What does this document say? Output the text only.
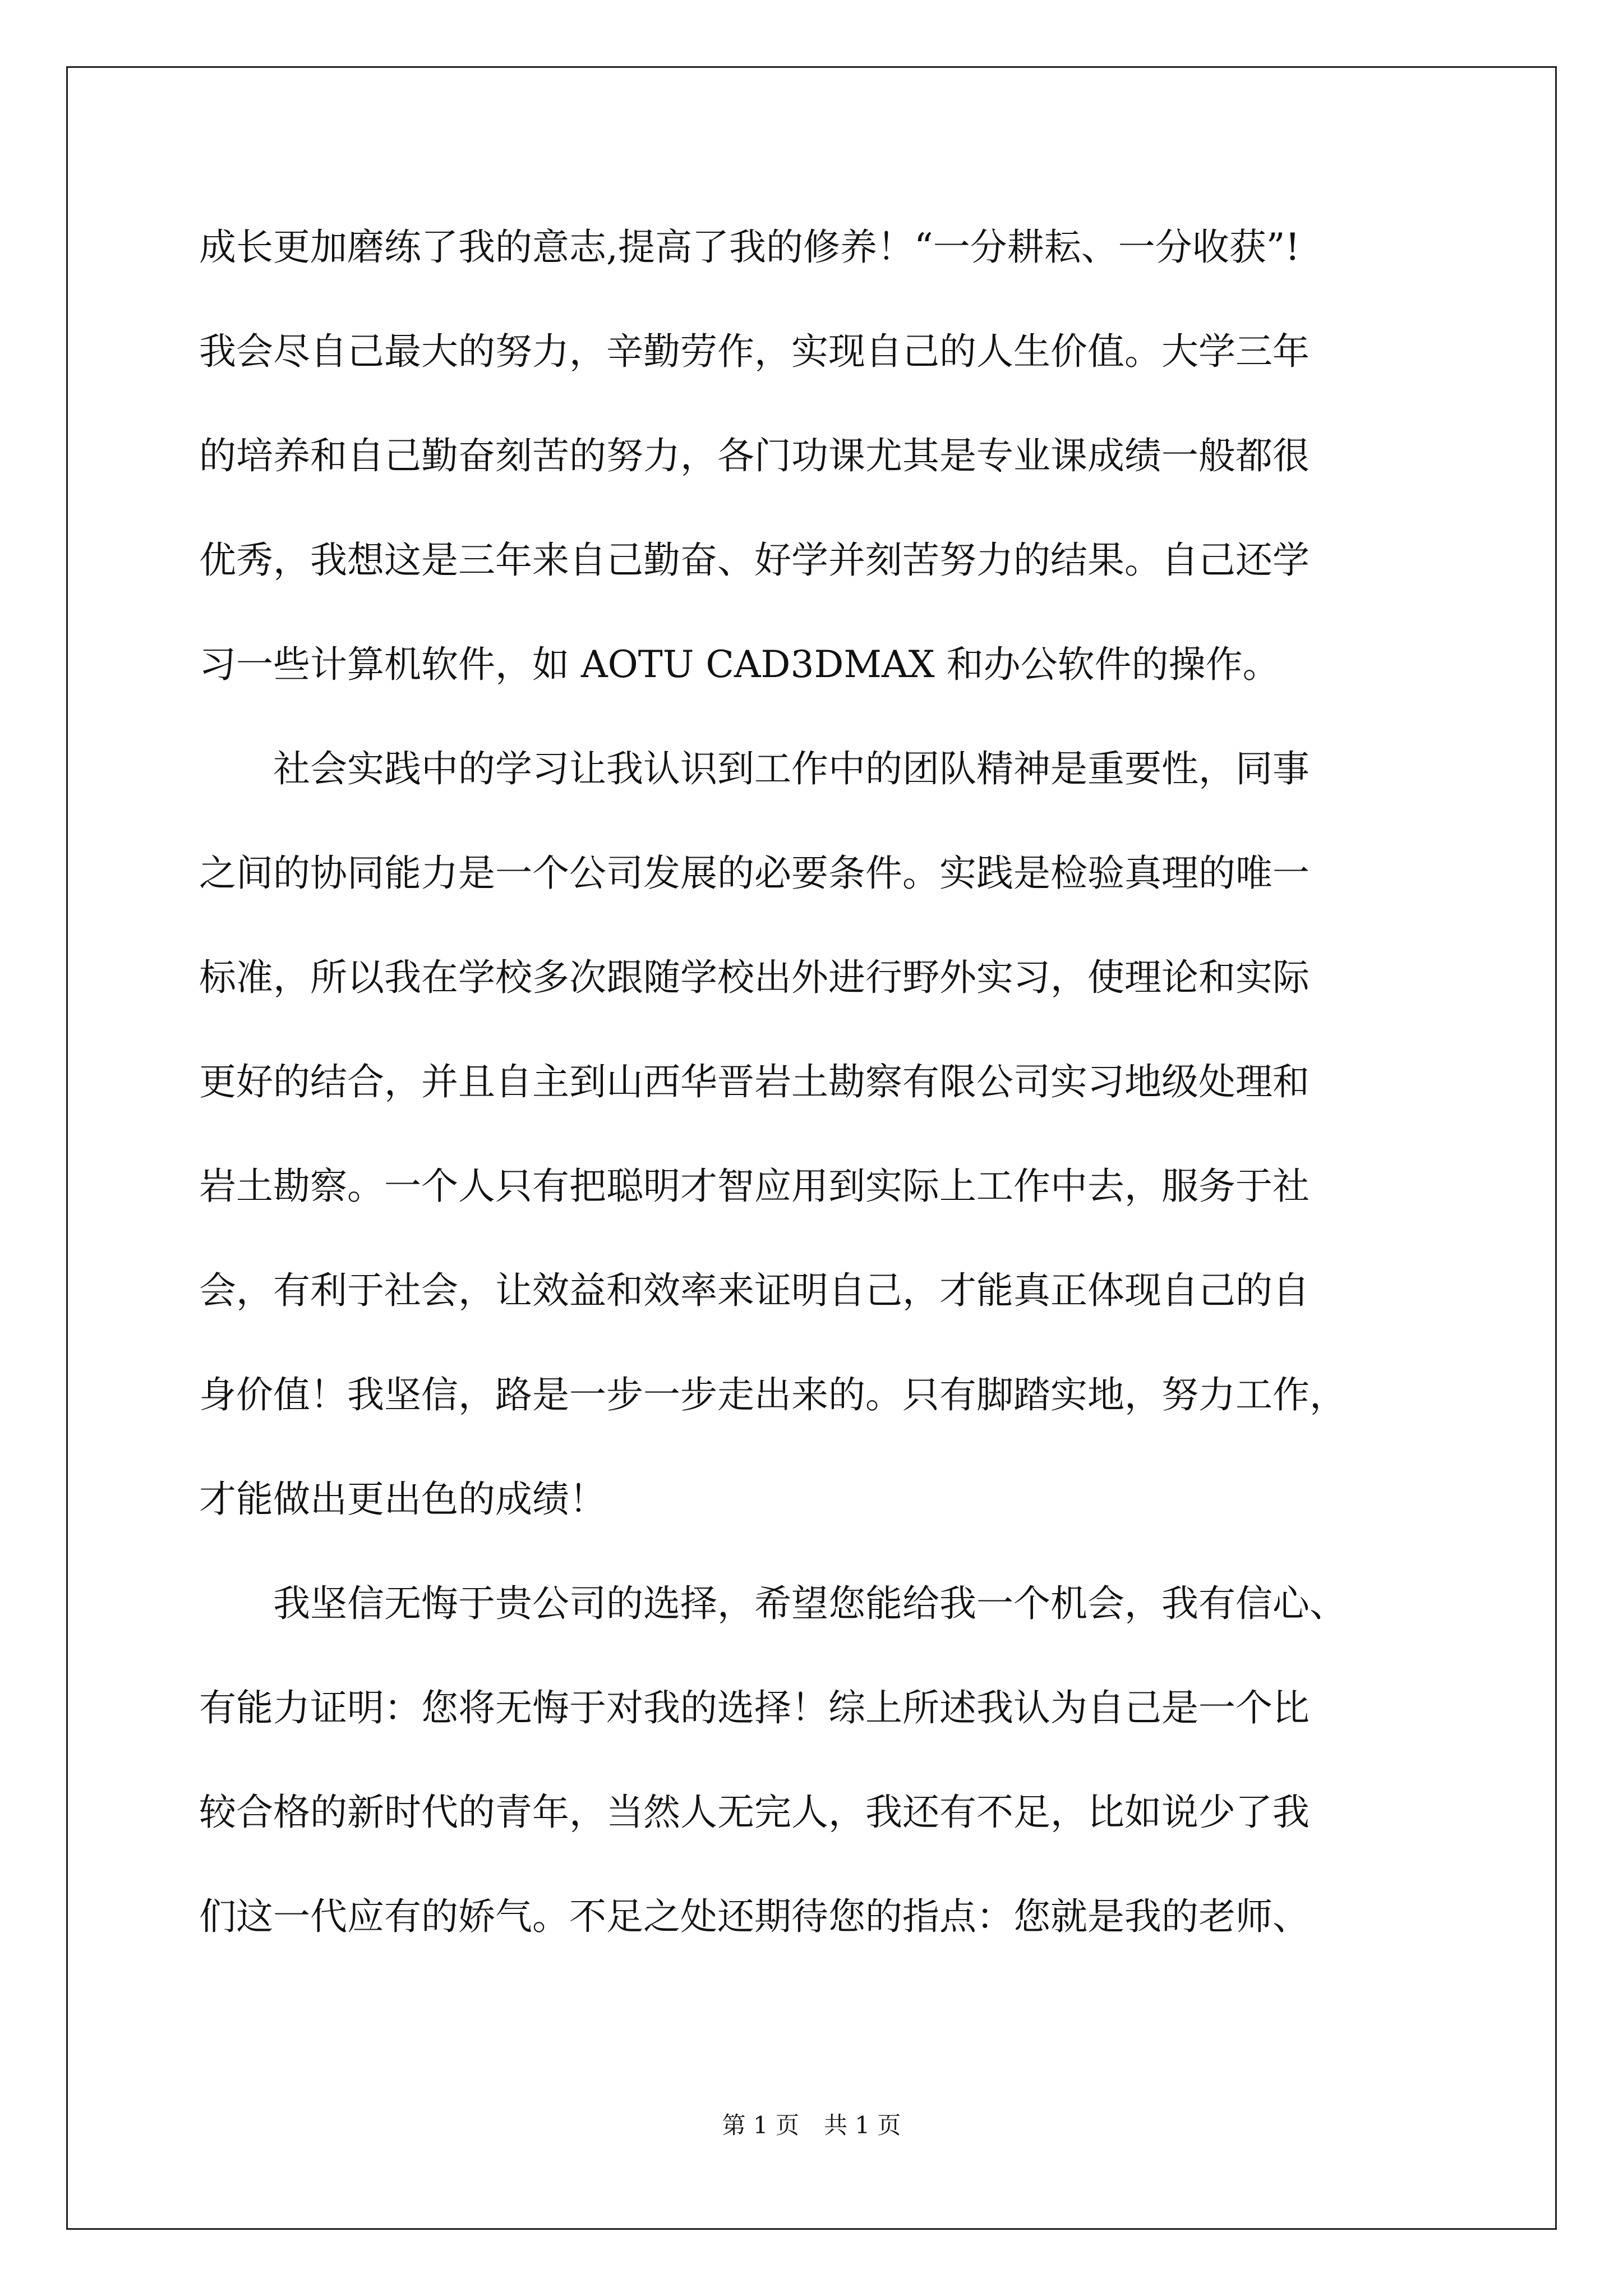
成长更加磨练了我的意志,提高了我的修养！“一分耕耘、一分收获”!
我会尽自己最大的努力，辛勤劳作，实现自己的人生价值。大学三年
的培养和自己勤奋刻苦的努力，各门功课尤其是专业课成绩一般都很
优秀，我想这是三年来自己勤奋、好学并刻苦努力的结果。自己还学
习一些计算机软件，如 AOTU CAD3DMAX 和办公软件的操作。
　　社会实践中的学习让我认识到工作中的团队精神是重要性，同事
之间的协同能力是一个公司发展的必要条件。实践是检验真理的唯一
标准，所以我在学校多次跟随学校出外进行野外实习，使理论和实际
更好的结合，并且自主到山西华晋岩土勘察有限公司实习地级处理和
岩土勘察。一个人只有把聪明才智应用到实际上工作中去，服务于社
会，有利于社会，让效益和效率来证明自己，才能真正体现自己的自
身价值！我坚信，路是一步一步走出来的。只有脚踏实地，努力工作，
才能做出更出色的成绩！
　　我坚信无悔于贵公司的选择，希望您能给我一个机会，我有信心、
有能力证明：您将无悔于对我的选择！综上所述我认为自己是一个比
较合格的新时代的青年，当然人无完人，我还有不足，比如说少了我
们这一代应有的娇气。不足之处还期待您的指点：您就是我的老师、
第 1 页 共 1 页
